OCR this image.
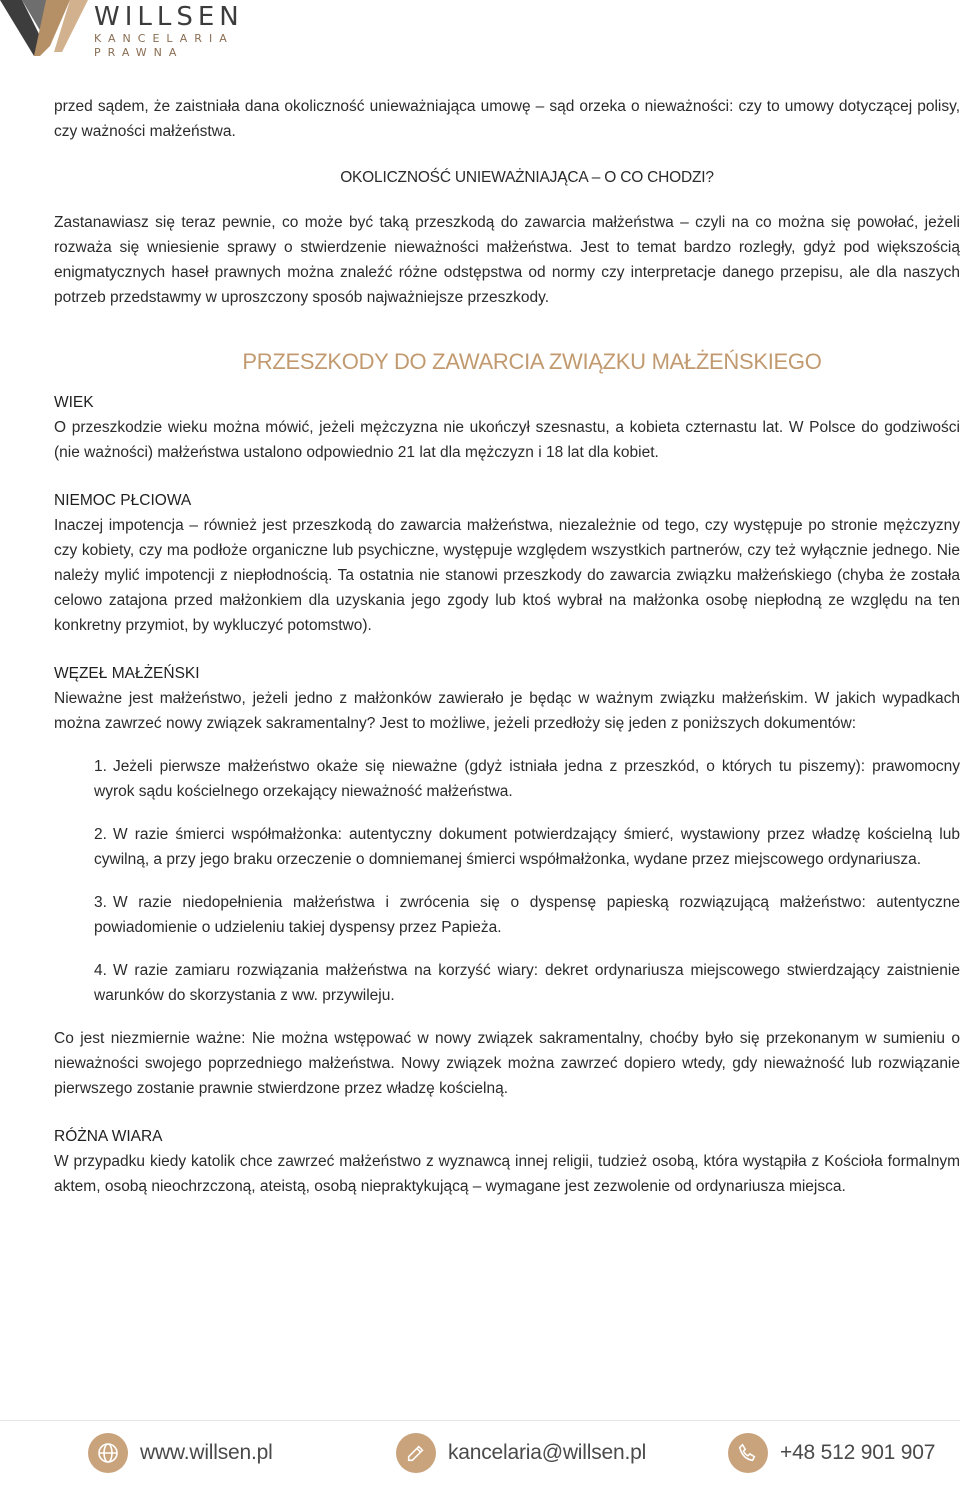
WILLSEN
KANCELARIA
PRAWNA

przed sądem, że zaistniała dana okoliczność unieważniająca umowę – sąd orzeka o nieważności: czy to umowy dotyczącej polisy, czy ważności małżeństwa.

OKOLICZNOŚĆ UNIEWAŻNIAJĄCA – O CO CHODZI?

Zastanawiasz się teraz pewnie, co może być taką przeszkodą do zawarcia małżeństwa – czyli na co można się powołać, jeżeli rozważa się wniesienie sprawy o stwierdzenie nieważności małżeństwa. Jest to temat bardzo rozległy, gdyż pod większością enigmatycznych haseł prawnych można znaleźć różne odstępstwa od normy czy interpretacje danego przepisu, ale dla naszych potrzeb przedstawmy w uproszczony sposób najważniejsze przeszkody.

PRZESZKODY DO ZAWARCIA ZWIĄZKU MAŁŻEŃSKIEGO
WIEK

O przeszkodzie wieku można mówić, jeżeli mężczyzna nie ukończył szesnastu, a kobieta czternastu lat. W Polsce do godziwości (nie ważności) małżeństwa ustalono odpowiednio 21 lat dla mężczyzn i 18 lat dla kobiet.

NIEMOC PŁCIOWA

Inaczej impotencja – również jest przeszkodą do zawarcia małżeństwa, niezależnie od tego, czy występuje po stronie mężczyzny czy kobiety, czy ma podłoże organiczne lub psychiczne, występuje względem wszystkich partnerów, czy też wyłącznie jednego. Nie należy mylić impotencji z niepłodnością. Ta ostatnia nie stanowi przeszkody do zawarcia związku małżeńskiego (chyba że została celowo zatajona przed małżonkiem dla uzyskania jego zgody lub ktoś wybrał na małżonka osobę niepłodną ze względu na ten konkretny przymiot, by wykluczyć potomstwo).

WĘZEŁ MAŁŻEŃSKI

Nieważne jest małżeństwo, jeżeli jedno z małżonków zawierało je będąc w ważnym związku małżeńskim. W jakich wypadkach można zawrzeć nowy związek sakramentalny? Jest to możliwe, jeżeli przedłoży się jeden z poniższych dokumentów:

1. Jeżeli pierwsze małżeństwo okaże się nieważne (gdyż istniała jedna z przeszkód, o których tu piszemy): prawomocny wyrok sądu kościelnego orzekający nieważność małżeństwa.
2. W razie śmierci współmałżonka: autentyczny dokument potwierdzający śmierć, wystawiony przez władzę kościelną lub cywilną, a przy jego braku orzeczenie o domniemanej śmierci współmałżonka, wydane przez miejscowego ordynariusza.
3. W razie niedopełnienia małżeństwa i zwrócenia się o dyspensę papieską rozwiązującą małżeństwo: autentyczne powiadomienie o udzieleniu takiej dyspensy przez Papieża.
4. W razie zamiaru rozwiązania małżeństwa na korzyść wiary: dekret ordynariusza miejscowego stwierdzający zaistnienie warunków do skorzystania z ww. przywileju.

Co jest niezmiernie ważne: Nie można wstępować w nowy związek sakramentalny, choćby było się przekonanym w sumieniu o nieważności swojego poprzedniego małżeństwa. Nowy związek można zawrzeć dopiero wtedy, gdy nieważność lub rozwiązanie pierwszego zostanie prawnie stwierdzone przez władzę kościelną.

RÓŻNA WIARA

W przypadku kiedy katolik chce zawrzeć małżeństwo z wyznawcą innej religii, tudzież osobą, która wystąpiła z Kościoła formalnym aktem, osobą nieochrzczoną, ateistą, osobą niepraktykującą – wymagane jest zezwolenie od ordynariusza miejsca.

www.willsen.pl	kancelaria@willsen.pl	+48 512 901 907
